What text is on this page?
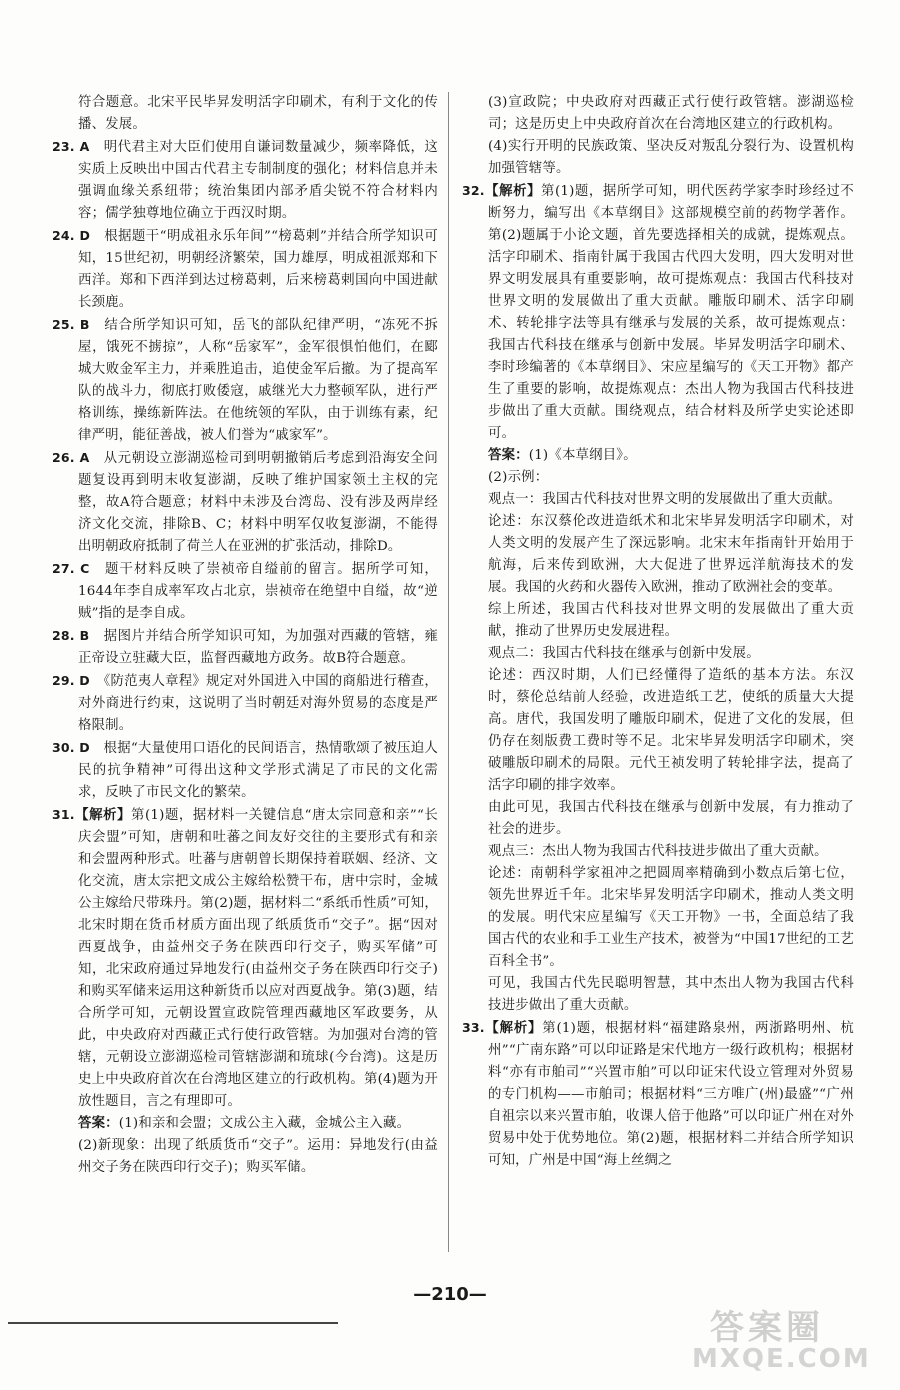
符合题意。北宋平民毕昇发明活字印刷术，有利于文化的传播、发展。
23. A　 明代君主对大臣们使用自谦词数量减少，频率降低，这实质上反映出中国古代君主专制制度的强化；材料信息并未强调血缘关系纽带；统治集团内部矛盾尖锐不符合材料内容；儒学独尊地位确立于西汉时期。
24. D　 根据题干“明成祖永乐年间”“榜葛剌”并结合所学知识可知，15世纪初，明朝经济繁荣，国力雄厚，明成祖派郑和下西洋。郑和下西洋到达过榜葛剌，后来榜葛剌国向中国进献长颈鹿。
25. B　 结合所学知识可知，岳飞的部队纪律严明，“冻死不拆屋，饿死不掳掠”，人称“岳家军”，金军很惧怕他们，在郾城大败金军主力，并乘胜追击，追使金军后撤。为了提高军队的战斗力，彻底打败倭寇，戚继光大力整顿军队，进行严格训练，操练新阵法。在他统领的军队，由于训练有素，纪律严明，能征善战，被人们誉为“戚家军”。
26. A　 从元朝设立澎湖巡检司到明朝撤销后考虑到沿海安全问题复设再到明末收复澎湖，反映了维护国家领土主权的完整，故A符合题意；材料中未涉及台湾岛、没有涉及两岸经济文化交流，排除B、C；材料中明军仅收复澎湖，不能得出明朝政府抵制了荷兰人在亚洲的扩张活动，排除D。
27. C　 题干材料反映了崇祯帝自缢前的留言。据所学可知，1644年李自成率军攻占北京，崇祯帝在绝望中自缢，故“逆贼”指的是李自成。
28. B　 据图片并结合所学知识可知，为加强对西藏的管辖，雍正帝设立驻藏大臣，监督西藏地方政务。故B符合题意。
29. D　 《防范夷人章程》规定对外国进入中国的商船进行稽查，对外商进行约束，这说明了当时朝廷对海外贸易的态度是严格限制。
30. D　 根据“大量使用口语化的民间语言，热情歌颂了被压迫人民的抗争精神”可得出这种文学形式满足了市民的文化需求，反映了市民文化的繁荣。
31.【解析】第(1)题，据材料一关键信息“唐太宗同意和亲”“长庆会盟”可知，唐朝和吐蕃之间友好交往的主要形式有和亲和会盟两种形式。吐蕃与唐朝曾长期保持着联姻、经济、文化交流，唐太宗把文成公主嫁给松赞干布，唐中宗时，金城公主嫁给尺带珠丹。第(2)题，据材料二“系纸币性质”可知，北宋时期在货币材质方面出现了纸质货币“交子”。据“因对西夏战争，由益州交子务在陕西印行交子，购买军储”可知，北宋政府通过异地发行(由益州交子务在陕西印行交子)和购买军储来运用这种新货币以应对西夏战争。第(3)题，结合所学可知，元朝设置宣政院管理西藏地区军政要务，从此，中央政府对西藏正式行使行政管辖。为加强对台湾的管辖，元朝设立澎湖巡检司管辖澎湖和琉球(今台湾)。这是历史上中央政府首次在台湾地区建立的行政机构。第(4)题为开放性题目，言之有理即可。
答案：(1)和亲和会盟；文成公主入藏，金城公主入藏。
(2)新现象：出现了纸质货币“交子”。运用：异地发行(由益州交子务在陕西印行交子)；购买军储。
(3)宣政院；中央政府对西藏正式行使行政管辖。澎湖巡检司；这是历史上中央政府首次在台湾地区建立的行政机构。
(4)实行开明的民族政策、坚决反对叛乱分裂行为、设置机构加强管辖等。
32.【解析】第(1)题，据所学可知，明代医药学家李时珍经过不断努力，编写出《本草纲目》这部规模空前的药物学著作。第(2)题属于小论文题，首先要选择相关的成就，提炼观点。活字印刷术、指南针属于我国古代四大发明，四大发明对世界文明发展具有重要影响，故可提炼观点：我国古代科技对世界文明的发展做出了重大贡献。雕版印刷术、活字印刷术、转轮排字法等具有继承与发展的关系，故可提炼观点：我国古代科技在继承与创新中发展。毕昇发明活字印刷术、李时珍编著的《本草纲目》、宋应星编写的《天工开物》都产生了重要的影响，故提炼观点：杰出人物为我国古代科技进步做出了重大贡献。围绕观点，结合材料及所学史实论述即可。
答案：(1)《本草纲目》。
(2)示例：
观点一：我国古代科技对世界文明的发展做出了重大贡献。
论述：东汉蔡伦改进造纸术和北宋毕昇发明活字印刷术，对人类文明的发展产生了深远影响。北宋末年指南针开始用于航海，后来传到欧洲，大大促进了世界远洋航海技术的发展。我国的火药和火器传入欧洲，推动了欧洲社会的变革。
综上所述，我国古代科技对世界文明的发展做出了重大贡献，推动了世界历史发展进程。
观点二：我国古代科技在继承与创新中发展。
论述：西汉时期，人们已经懂得了造纸的基本方法。东汉时，蔡伦总结前人经验，改进造纸工艺，使纸的质量大大提高。唐代，我国发明了雕版印刷术，促进了文化的发展，但仍存在刻版费工费时等不足。北宋毕昇发明活字印刷术，突破雕版印刷术的局限。元代王祯发明了转轮排字法，提高了活字印刷的排字效率。
由此可见，我国古代科技在继承与创新中发展，有力推动了社会的进步。
观点三：杰出人物为我国古代科技进步做出了重大贡献。
论述：南朝科学家祖冲之把圆周率精确到小数点后第七位，领先世界近千年。北宋毕昇发明活字印刷术，推动人类文明的发展。明代宋应星编写《天工开物》一书，全面总结了我国古代的农业和手工业生产技术，被誉为“中国17世纪的工艺百科全书”。
可见，我国古代先民聪明智慧，其中杰出人物为我国古代科技进步做出了重大贡献。
33.【解析】第(1)题，根据材料“福建路泉州，两浙路明州、杭州”“广南东路”可以印证路是宋代地方一级行政机构；根据材料“亦有市舶司”“兴置市舶”可以印证宋代设立管理对外贸易的专门机构——市舶司；根据材料“三方唯广(州)最盛”“广州自祖宗以来兴置市舶，收课人倍于他路”可以印证广州在对外贸易中处于优势地位。第(2)题，根据材料二并结合所学知识可知，广州是中国“海上丝绸之
—210—
答案圈
MXQE.COM
